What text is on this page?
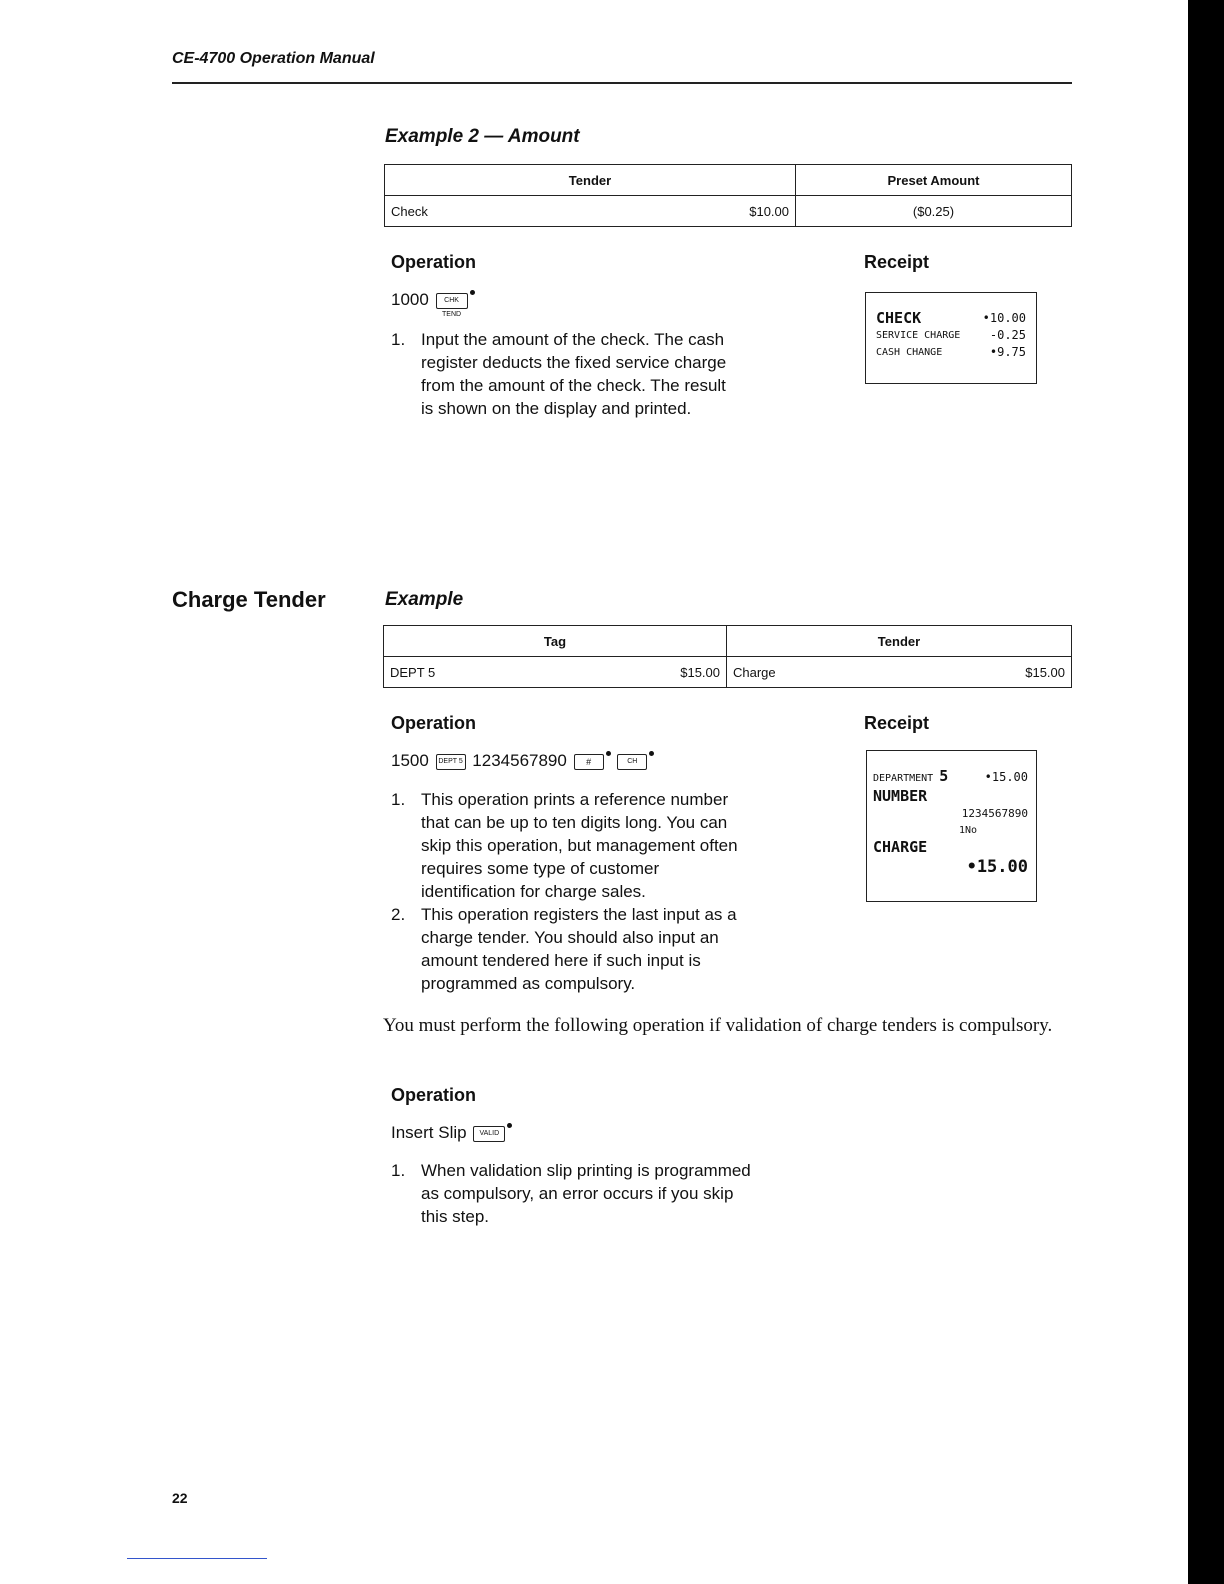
CE-4700 Operation Manual
Example 2 — Amount
Tender	Preset Amount

Check $10.00	($0.25)
Operation	Receipt
1000 CHK TEND
1. Input the amount of the check. The cash register deducts the fixed service charge from the amount of the check. The result is shown on the display and printed.
CHECK	•10.00
SERVICE CHARGE -0.25
CASH CHANGE	•9.75
Charge Tender	Example
Tag	Tender

DEPT 5 $15.00	Charge $15.00
Operation	Receipt
1500 DEPT 5 1234567890 #	CH
1. This operation prints a reference number that can be up to ten digits long. You can skip this operation, but management often requires some type of customer identification for charge sales.
2. This operation registers the last input as a charge tender. You should also input an amount tendered here if such input is programmed as compulsory.
DEPARTMENT 5	•15.00
NUMBER
1234567890
1No
CHARGE
•15.00
You must perform the following operation if validation of charge tenders is compulsory.
Operation
Insert Slip VALID
1. When validation slip printing is programmed as compulsory, an error occurs if you skip this step.
22
